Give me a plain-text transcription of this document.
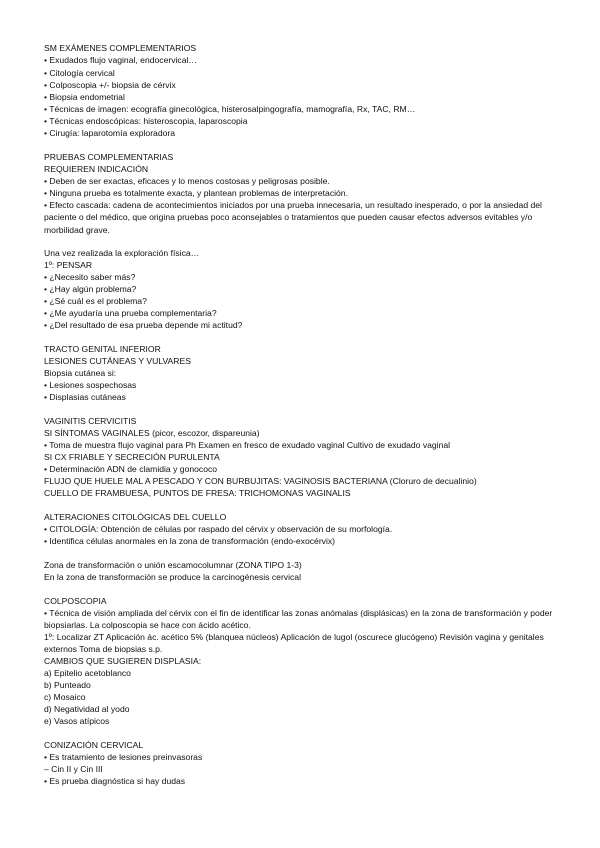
SM EXÁMENES COMPLEMENTARIOS
• Exudados flujo vaginal, endocervical…
• Citología cervical
• Colposcopia +/- biopsia de cérvix
• Biopsia endometrial
• Técnicas de imagen: ecografía ginecológica, histerosalpingografía, mamografía, Rx, TAC, RM…
• Técnicas endoscópicas: histeroscopia, laparoscopia
• Cirugía: laparotomía exploradora
PRUEBAS COMPLEMENTARIAS
REQUIEREN INDICACIÓN
• Deben de ser exactas, eficaces y lo menos costosas y peligrosas posible.
• Ninguna prueba es totalmente exacta, y plantean problemas de interpretación.
• Efecto cascada: cadena de acontecimientos iniciados por una prueba innecesaria, un resultado inesperado, o por la ansiedad del paciente o del médico, que origina pruebas poco aconsejables o tratamientos que pueden causar efectos adversos evitables y/o morbilidad grave.
Una vez realizada la exploración física…
1º: PENSAR
• ¿Necesito saber más?
• ¿Hay algún problema?
• ¿Sé cuál es el problema?
• ¿Me ayudaría una prueba complementaria?
• ¿Del resultado de esa prueba depende mi actitud?
TRACTO GENITAL INFERIOR
LESIONES CUTÁNEAS Y VULVARES
Biopsia cutánea si:
• Lesiones sospechosas
• Displasias cutáneas
VAGINITIS CERVICITIS
SI SÍNTOMAS VAGINALES (picor, escozor, dispareunia)
• Toma de muestra flujo vaginal para Ph Examen en fresco de exudado vaginal Cultivo de exudado vaginal
SI CX FRIABLE Y SECRECIÓN PURULENTA
• Determinación ADN de clamidia y gonococo
FLUJO QUE HUELE MAL A PESCADO Y CON BURBUJITAS: VAGINOSIS BACTERIANA (Cloruro de decualinio)
CUELLO DE FRAMBUESA, PUNTOS DE FRESA: TRICHOMONAS VAGINALIS
ALTERACIONES CITOLÓGICAS DEL CUELLO
• CITOLOGÍA: Obtención de células por raspado del cérvix y observación de su morfología.
• Identifica células anormales en la zona de transformación (endo-exocérvix)
Zona de transformación o unión escamocolumnar (ZONA TIPO 1-3)
En la zona de transformación se produce la carcinogénesis cervical
COLPOSCOPIA
• Técnica de visión ampliada del cérvix con el fin de identificar las zonas anómalas (displásicas) en la zona de transformación y poder biopsiarlas. La colposcopia se hace con ácido acético.
1º: Localizar ZT Aplicación ác. acético 5% (blanquea núcleos) Aplicación de lugol (oscurece glucógeno) Revisión vagina y genitales externos Toma de biopsias s.p.
CAMBIOS QUE SUGIEREN DISPLASIA:
a) Epitelio acetoblanco
b) Punteado
c) Mosaico
d) Negatividad al yodo
e) Vasos atípicos
CONIZACIÓN CERVICAL
• Es tratamiento de lesiones preinvasoras
– Cin II y Cin III
• Es prueba diagnóstica si hay dudas
